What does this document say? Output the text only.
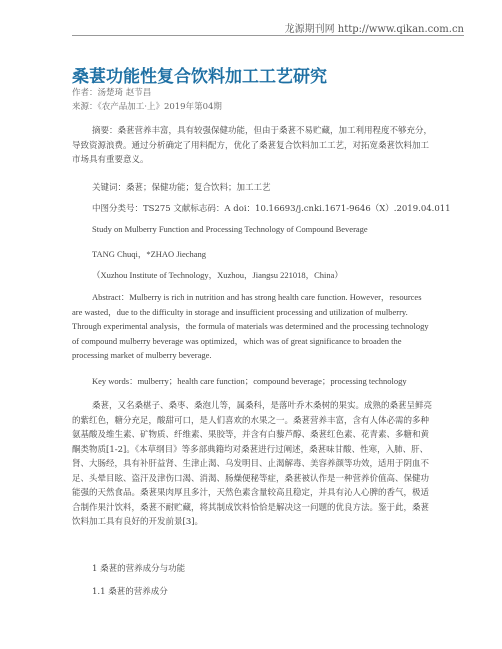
龙源期刊网 http://www.qikan.com.cn
桑葚功能性复合饮料加工工艺研究
作者：汤楚琦 赵节昌
来源：《农产品加工·上》2019年第04期
摘要：桑葚营养丰富，具有较强保健功能，但由于桑葚不易贮藏，加工利用程度不够充分，导致资源浪费。通过分析确定了用料配方，优化了桑葚复合饮料加工工艺，对拓宽桑葚饮料加工市场具有重要意义。
关键词：桑葚；保健功能；复合饮料；加工工艺
中图分类号：TS275 文献标志码：A doi：10.16693/j.cnki.1671-9646（X）.2019.04.011
Study on Mulberry Function and Processing Technology of Compound Beverage
TANG Chuqi，*ZHAO Jiechang
（Xuzhou Institute of Technology，Xuzhou，Jiangsu 221018，China）
Abstract：Mulberry is rich in nutrition and has strong health care function. However，resources are wasted，due to the difficulty in storage and insufficient processing and utilization of mulberry. Through experimental analysis，the formula of materials was determined and the processing technology of compound mulberry beverage was optimized，which was of great significance to broaden the processing market of mulberry beverage.
Key words：mulberry；health care function；compound beverage；processing technology
桑葚，又名桑椹子、桑枣、桑泡儿等，属桑科，是落叶乔木桑树的果实。成熟的桑葚呈鲜亮的紫红色，糖分充足，酸甜可口，是人们喜欢的水果之一。桑葚营养丰富，含有人体必需的多种氨基酸及维生素、矿物质、纤维素、果胶等，并含有白藜芦醇、桑葚红色素、花青素、多糖和黄酮类物质[1-2]。《本草纲目》等多部典籍均对桑葚进行过阐述，桑葚味甘酸、性寒，入肺、肝、肾、大肠经，具有补肝益肾、生津止渴、乌发明目、止渴解毒、美容养颜等功效，适用于阴血不足、头晕目眩、盗汗及津伤口渴、消渴、肠燥便秘等症，桑葚被认作是一种营养价值高、保健功能强的天然食品。桑葚果肉厚且多汁，天然色素含量较高且稳定，并具有沁人心脾的香气，极适合制作果汁饮料，桑葚不耐贮藏，将其制成饮料恰恰是解决这一问题的优良方法。鉴于此，桑葚饮料加工具有良好的开发前景[3]。
1 桑葚的营养成分与功能
1.1 桑葚的营养成分
